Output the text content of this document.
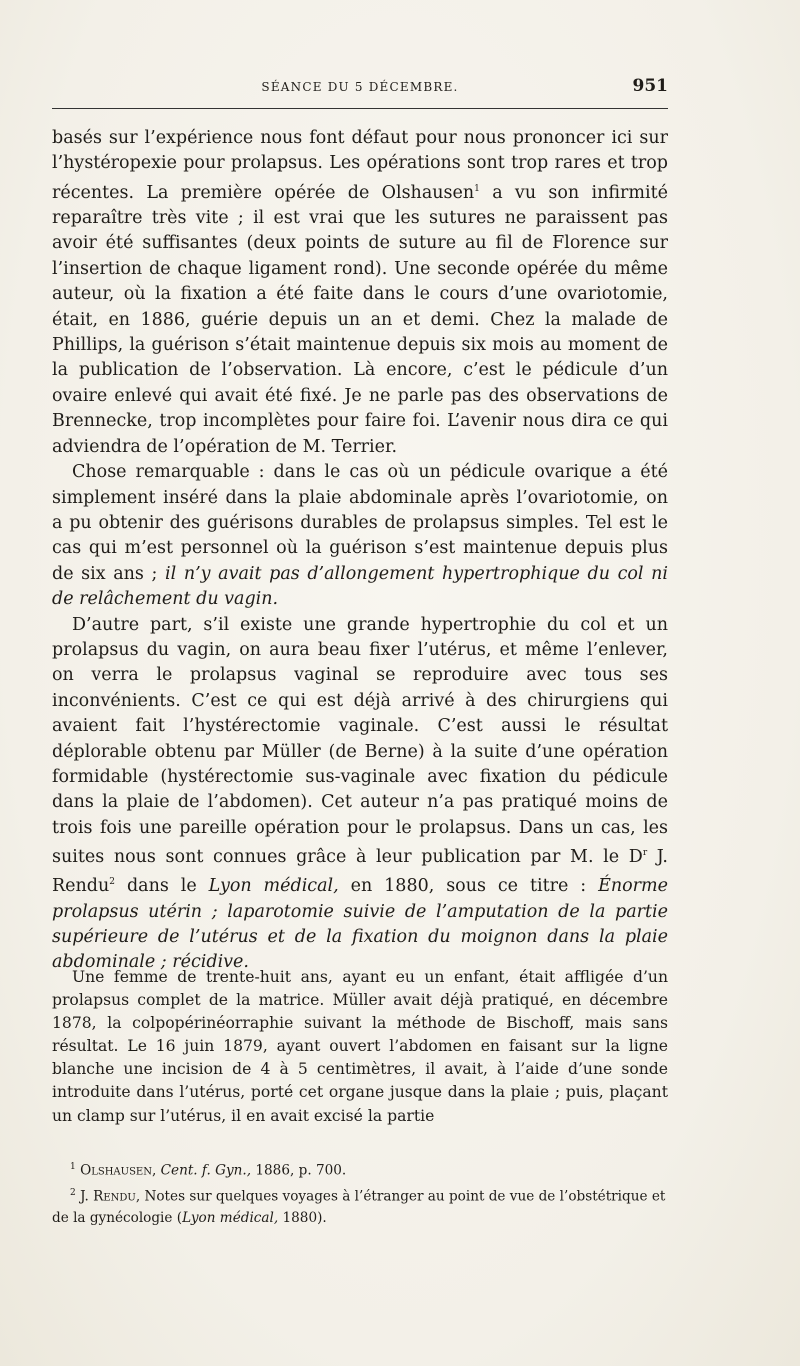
SÉANCE DU 5 DÉCEMBRE.	951

basés sur l’expérience nous font défaut pour nous prononcer ici sur l’hystéropexie pour prolapsus. Les opérations sont trop rares et trop récentes. La première opérée de Olshausen$^1$ a vu son infirmité reparaître très vite ; il est vrai que les sutures ne paraissent pas avoir été suffisantes (deux points de suture au fil de Florence sur l’insertion de chaque ligament rond). Une seconde opérée du même auteur, où la fixation a été faite dans le cours d’une ovariotomie, était, en 1886, guérie depuis un an et demi. Chez la malade de Phillips, la guérison s’était maintenue depuis six mois au moment de la publication de l’observation. Là encore, c’est le pédicule d’un ovaire enlevé qui avait été fixé. Je ne parle pas des observations de Brennecke, trop incomplètes pour faire foi. L’avenir nous dira ce qui adviendra de l’opération de M. Terrier.

Chose remarquable : dans le cas où un pédicule ovarique a été simplement inséré dans la plaie abdominale après l’ovariotomie, on a pu obtenir des guérisons durables de prolapsus simples. Tel est le cas qui m’est personnel où la guérison s’est maintenue depuis plus de six ans ; il n’y avait pas d’allongement hypertrophique du col ni de relâchement du vagin.

D’autre part, s’il existe une grande hypertrophie du col et un prolapsus du vagin, on aura beau fixer l’utérus, et même l’enlever, on verra le prolapsus vaginal se reproduire avec tous ses inconvénients. C’est ce qui est déjà arrivé à des chirurgiens qui avaient fait l’hystérectomie vaginale. C’est aussi le résultat déplorable obtenu par Müller (de Berne) à la suite d’une opération formidable (hystérectomie sus-vaginale avec fixation du pédicule dans la plaie de l’abdomen). Cet auteur n’a pas pratiqué moins de trois fois une pareille opération pour le prolapsus. Dans un cas, les suites nous sont connues grâce à leur publication par M. le $D^r$ J. Rendu$^2$ dans le Lyon médical, en 1880, sous ce titre : Énorme prolapsus utérin ; laparotomie suivie de l’amputation de la partie supérieure de l’utérus et de la fixation du moignon dans la plaie abdominale ; récidive.

Une femme de trente-huit ans, ayant eu un enfant, était affligée d’un prolapsus complet de la matrice. Müller avait déjà pratiqué, en décembre 1878, la colpopérinéorraphie suivant la méthode de Bischoff, mais sans résultat. Le 16 juin 1879, ayant ouvert l’abdomen en faisant sur la ligne blanche une incision de 4 à 5 centimètres, il avait, à l’aide d’une sonde introduite dans l’utérus, porté cet organe jusque dans la plaie ; puis, plaçant un clamp sur l’utérus, il en avait excisé la partie

$^1$ Olshausen, Cent. f. Gyn., 1886, p. 700.

$^2$ J. Rendu, Notes sur quelques voyages à l’étranger au point de vue de l’obstétrique et de la gynécologie (Lyon médical, 1880).
